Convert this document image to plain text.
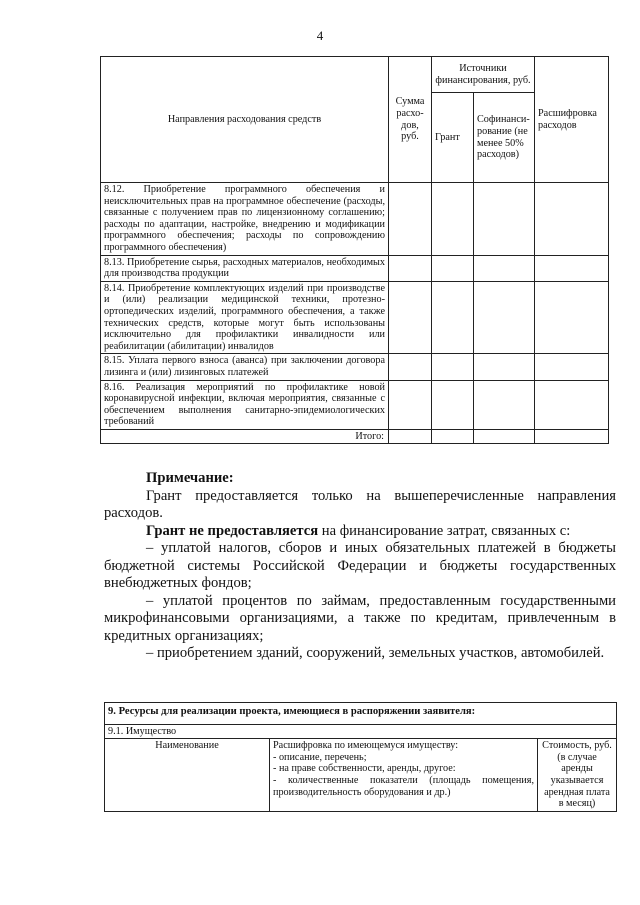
4
Направления расходования средств	Сумма расхо-дов, руб.	Источники финансирования, руб.		Расшифровка расходов
		Грант	Софинанси-рование (не менее 50% расходов)	
8.12. Приобретение программного обеспечения и неисключительных прав на программное обеспечение (расходы, связанные с получением прав по лицензионному соглашению; расходы по адаптации, настройке, внедрению и модификации программного обеспечения; расходы по сопровождению программного обеспечения)				
8.13. Приобретение сырья, расходных материалов, необходимых для производства продукции				
8.14. Приобретение комплектующих изделий при производстве и (или) реализации медицинской техники, протезно-ортопедических изделий, программного обеспечения, а также технических средств, которые могут быть использованы исключительно для профилактики инвалидности или реабилитации (абилитации) инвалидов				
8.15. Уплата первого взноса (аванса) при заключении договора лизинга и (или) лизинговых платежей				
8.16. Реализация мероприятий по профилактике новой коронавирусной инфекции, включая мероприятия, связанные с обеспечением выполнения санитарно-эпидемиологических требований				
Итого:				

Примечание:

Грант предоставляется только на вышеперечисленные направления расходов.

Грант не предоставляется на финансирование затрат, связанных с:

– уплатой налогов, сборов и иных обязательных платежей в бюджеты бюджетной системы Российской Федерации и бюджеты государственных внебюджетных фондов;

– уплатой процентов по займам, предоставленным государственными микрофинансовыми организациями, а также по кредитам, привлеченным в кредитных организациях;

– приобретением зданий, сооружений, земельных участков, автомобилей.

9. Ресурсы для реализации проекта, имеющиеся в распоряжении заявителя:
9.1. Имущество
Наименование	Расшифровка по имеющемуся имуществу:
- описание, перечень;
- на праве собственности, аренды, другое:
- количественные показатели (площадь помещения, производительность оборудования и др.)
	Стоимость, руб. (в случае аренды указывается арендная плата в месяц)
